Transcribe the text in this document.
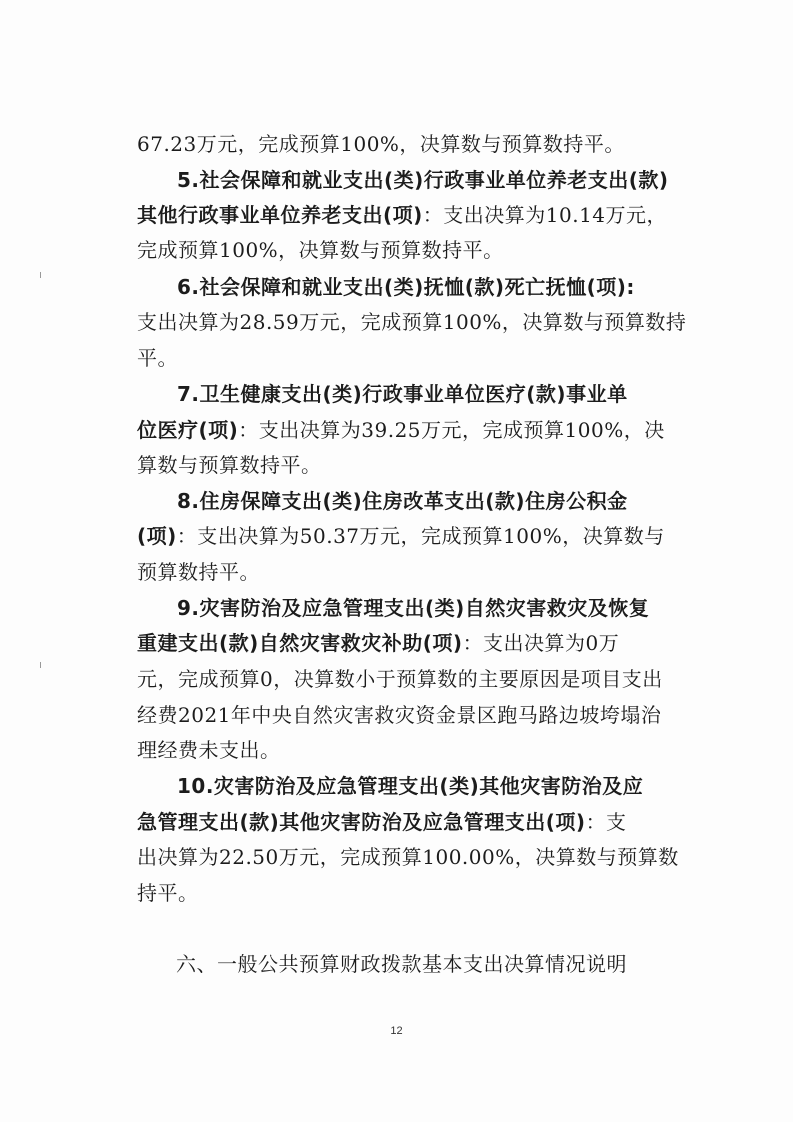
67.23万元，完成预算100%，决算数与预算数持平。
5.社会保障和就业支出(类)行政事业单位养老支出(款)
其他行政事业单位养老支出(项)：支出决算为10.14万元，
完成预算100%，决算数与预算数持平。
6.社会保障和就业支出(类)抚恤(款)死亡抚恤(项):
支出决算为28.59万元，完成预算100%，决算数与预算数持
平。
7.卫生健康支出(类)行政事业单位医疗(款)事业单
位医疗(项)：支出决算为39.25万元，完成预算100%，决
算数与预算数持平。
8.住房保障支出(类)住房改革支出(款)住房公积金
(项)：支出决算为50.37万元，完成预算100%，决算数与
预算数持平。
9.灾害防治及应急管理支出(类)自然灾害救灾及恢复
重建支出(款)自然灾害救灾补助(项)：支出决算为0万
元，完成预算0，决算数小于预算数的主要原因是项目支出
经费2021年中央自然灾害救灾资金景区跑马路边坡垮塌治
理经费未支出。
10.灾害防治及应急管理支出(类)其他灾害防治及应
急管理支出(款)其他灾害防治及应急管理支出(项)：支
出决算为22.50万元，完成预算100.00%，决算数与预算数
持平。
六、一般公共预算财政拨款基本支出决算情况说明
12
